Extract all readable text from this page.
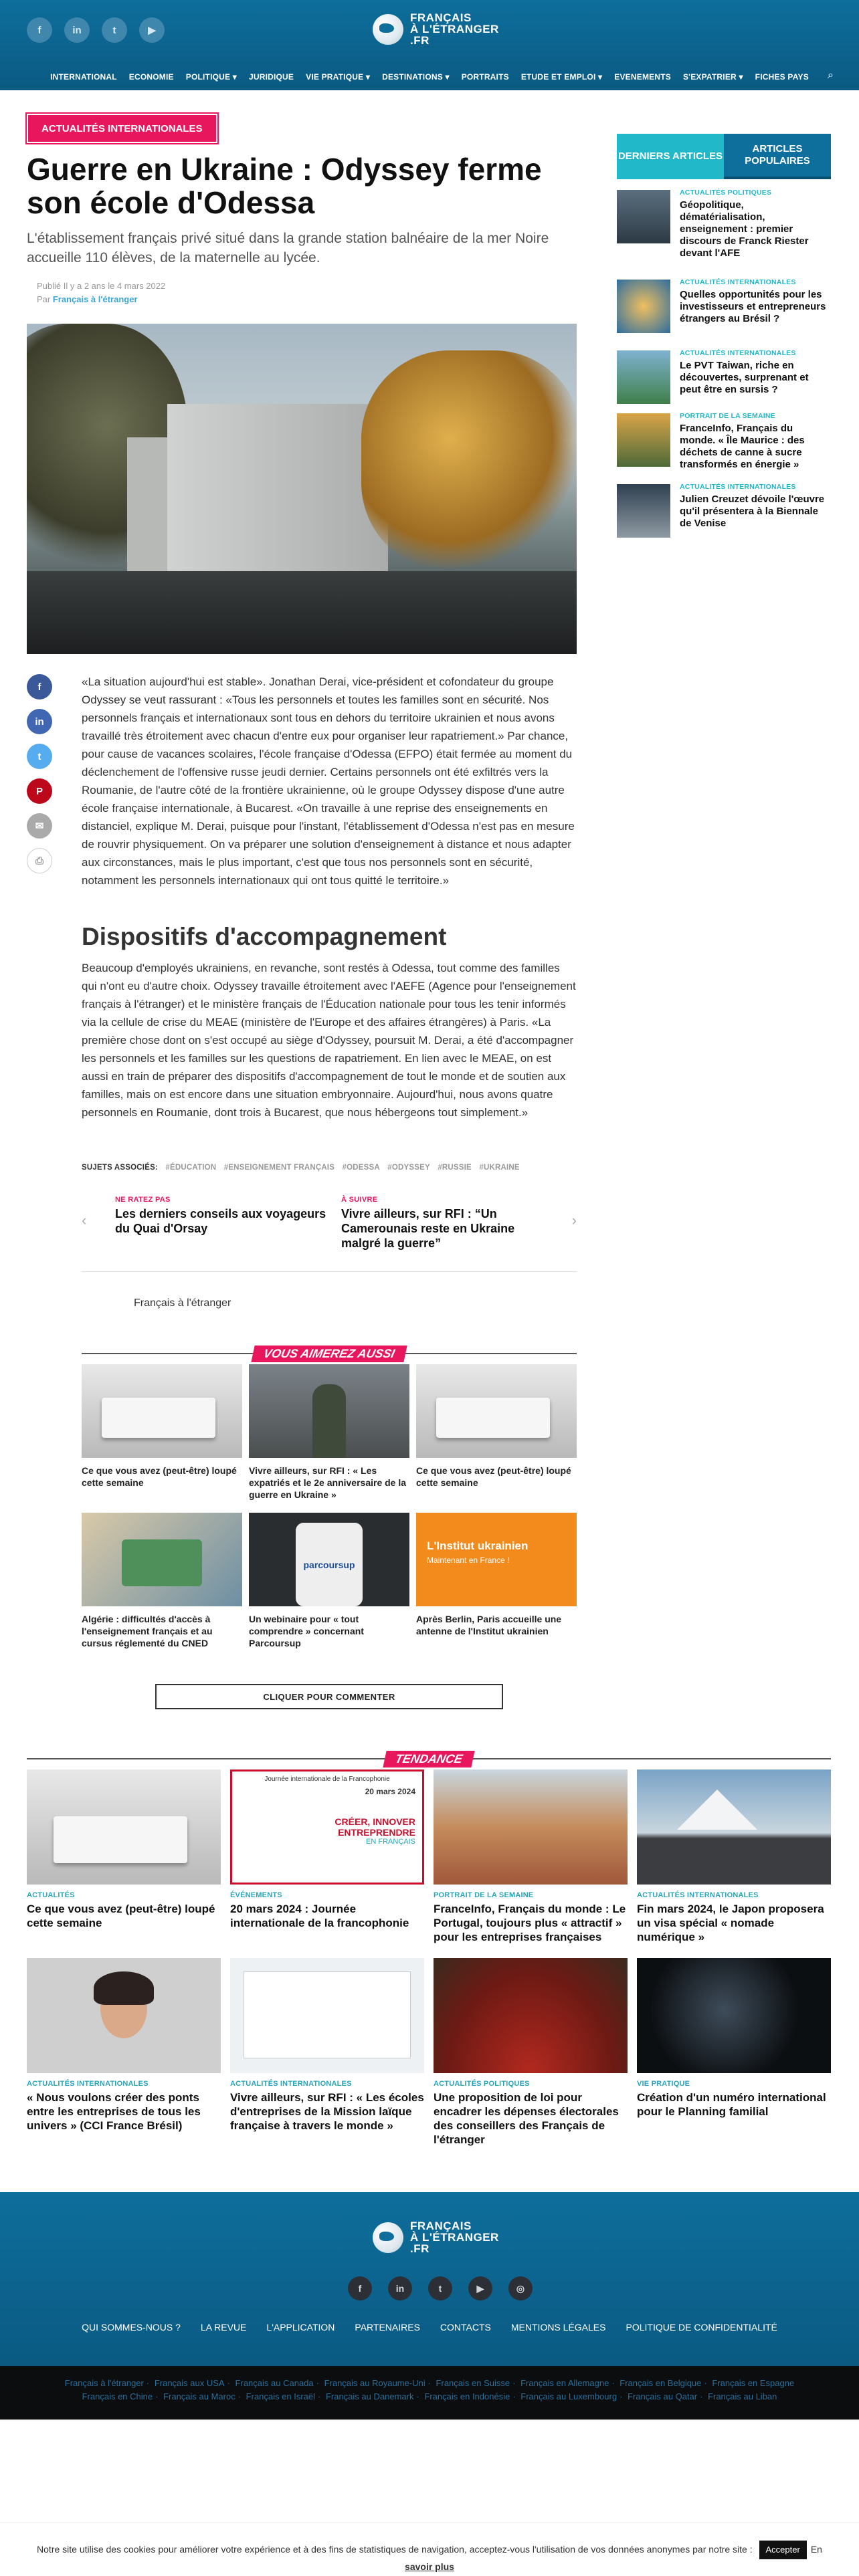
f	in	t	▶
FRANÇAIS
À L'ÉTRANGER
.FR
INTERNATIONAL	ECONOMIE	POLITIQUE ▾	JURIDIQUE	VIE PRATIQUE ▾	DESTINATIONS ▾	PORTRAITS	ETUDE ET EMPLOI ▾	EVENEMENTS	S'EXPATRIER ▾	FICHES PAYS	⌕
ACTUALITÉS INTERNATIONALES
Guerre en Ukraine : Odyssey ferme son école d'Odessa

L'établissement français privé situé dans la grande station balnéaire de la mer Noire accueille 110 élèves, de la maternelle au lycée.

Publié Il y a 2 ans le 4 mars 2022
Par Français à l'étranger
f
in
t
P
✉
⎙

«La situation aujourd'hui est stable». Jonathan Derai, vice-président et cofondateur du groupe Odyssey se veut rassurant : «Tous les personnels et toutes les familles sont en sécurité. Nos personnels français et internationaux sont tous en dehors du territoire ukrainien et nous avons travaillé très étroitement avec chacun d'entre eux pour organiser leur rapatriement.» Par chance, pour cause de vacances scolaires, l'école française d'Odessa (EFPO) était fermée au moment du déclenchement de l'offensive russe jeudi dernier. Certains personnels ont été exfiltrés vers la Roumanie, de l'autre côté de la frontière ukrainienne, où le groupe Odyssey dispose d'une autre école française internationale, à Bucarest. «On travaille à une reprise des enseignements en distanciel, explique M. Derai, puisque pour l'instant, l'établissement d'Odessa n'est pas en mesure de rouvrir physiquement. On va préparer une solution d'enseignement à distance et nous adapter aux circonstances, mais le plus important, c'est que tous nos personnels sont en sécurité, notamment les personnels internationaux qui ont tous quitté le territoire.»

Dispositifs d'accompagnement

Beaucoup d'employés ukrainiens, en revanche, sont restés à Odessa, tout comme des familles qui n'ont eu d'autre choix. Odyssey travaille étroitement avec l'AEFE (Agence pour l'enseignement français à l'étranger) et le ministère français de l'Éducation nationale pour tous les tenir informés via la cellule de crise du MEAE (ministère de l'Europe et des affaires étrangères) à Paris. «La première chose dont on s'est occupé au siège d'Odyssey, poursuit M. Derai, a été d'accompagner les personnels et les familles sur les questions de rapatriement. En lien avec le MEAE, on est aussi en train de préparer des dispositifs d'accompagnement de tout le monde et de soutien aux familles, mais on est encore dans une situation embryonnaire. Aujourd'hui, nous avons quatre personnels en Roumanie, dont trois à Bucarest, que nous hébergeons tout simplement.»

SUJETS ASSOCIÉS: #ÉDUCATION #ENSEIGNEMENT FRANÇAIS #ODESSA #ODYSSEY #RUSSIE #UKRAINE
‹
NE RATEZ PAS
Les derniers conseils aux voyageurs du Quai d'Orsay
À SUIVRE
Vivre ailleurs, sur RFI : “Un Camerounais reste en Ukraine malgré la guerre”
›
Français à l'étranger
VOUS AIMEREZ AUSSI
Ce que vous avez (peut-être) loupé cette semaine
Vivre ailleurs, sur RFI : « Les expatriés et le 2e anniversaire de la guerre en Ukraine »
Ce que vous avez (peut-être) loupé cette semaine
Algérie : difficultés d'accès à l'enseignement français et au cursus réglementé du CNED
parcoursup
Un webinaire pour « tout comprendre » concernant Parcoursup
L'Institut ukrainien
Maintenant en France !
Après Berlin, Paris accueille une antenne de l'Institut ukrainien
CLIQUER POUR COMMENTER
TENDANCE
ACTUALITÉS
Ce que vous avez (peut-être) loupé cette semaine
Journée internationale de la Francophonie
20 mars 2024
CRÉER, INNOVER
ENTREPRENDRE
EN FRANÇAIS
ÉVÉNEMENTS
20 mars 2024 : Journée internationale de la francophonie
PORTRAIT DE LA SEMAINE
FranceInfo, Français du monde : Le Portugal, toujours plus « attractif » pour les entreprises françaises
ACTUALITÉS INTERNATIONALES
Fin mars 2024, le Japon proposera un visa spécial « nomade numérique »
ACTUALITÉS INTERNATIONALES
« Nous voulons créer des ponts entre les entreprises de tous les univers » (CCI France Brésil)
ACTUALITÉS INTERNATIONALES
Vivre ailleurs, sur RFI : « Les écoles d'entreprises de la Mission laïque française à travers le monde »
ACTUALITÉS POLITIQUES
Une proposition de loi pour encadrer les dépenses électorales des conseillers des Français de l'étranger
VIE PRATIQUE
Création d'un numéro international pour le Planning familial
DERNIERS ARTICLES
ARTICLES POPULAIRES
ACTUALITÉS POLITIQUES
Géopolitique, dématérialisation, enseignement : premier discours de Franck Riester devant l'AFE
ACTUALITÉS INTERNATIONALES
Quelles opportunités pour les investisseurs et entrepreneurs étrangers au Brésil ?
ACTUALITÉS INTERNATIONALES
Le PVT Taiwan, riche en découvertes, surprenant et peut être en sursis ?
PORTRAIT DE LA SEMAINE
FranceInfo, Français du monde. « Île Maurice : des déchets de canne à sucre transformés en énergie »
ACTUALITÉS INTERNATIONALES
Julien Creuzet dévoile l'œuvre qu'il présentera à la Biennale de Venise
FRANÇAIS
À L'ÉTRANGER
.FR
f	in	t	▶	◎
QUI SOMMES-NOUS ? LA REVUE L'APPLICATION PARTENAIRES CONTACTS MENTIONS LÉGALES POLITIQUE DE CONFIDENTIALITÉ
Français à l'étranger · Français aux USA · Français au Canada · Français au Royaume-Uni · Français en Suisse · Français en Allemagne · Français en Belgique · Français en Espagne
Français en Chine · Français au Maroc · Français en Israël · Français au Danemark · Français en Indonésie · Français au Luxembourg · Français au Qatar · Français au Liban
Notre site utilise des cookies pour améliorer votre expérience et à des fins de statistiques de navigation, acceptez-vous l'utilisation de vos données anonymes par notre site : Accepter En
savoir plus
